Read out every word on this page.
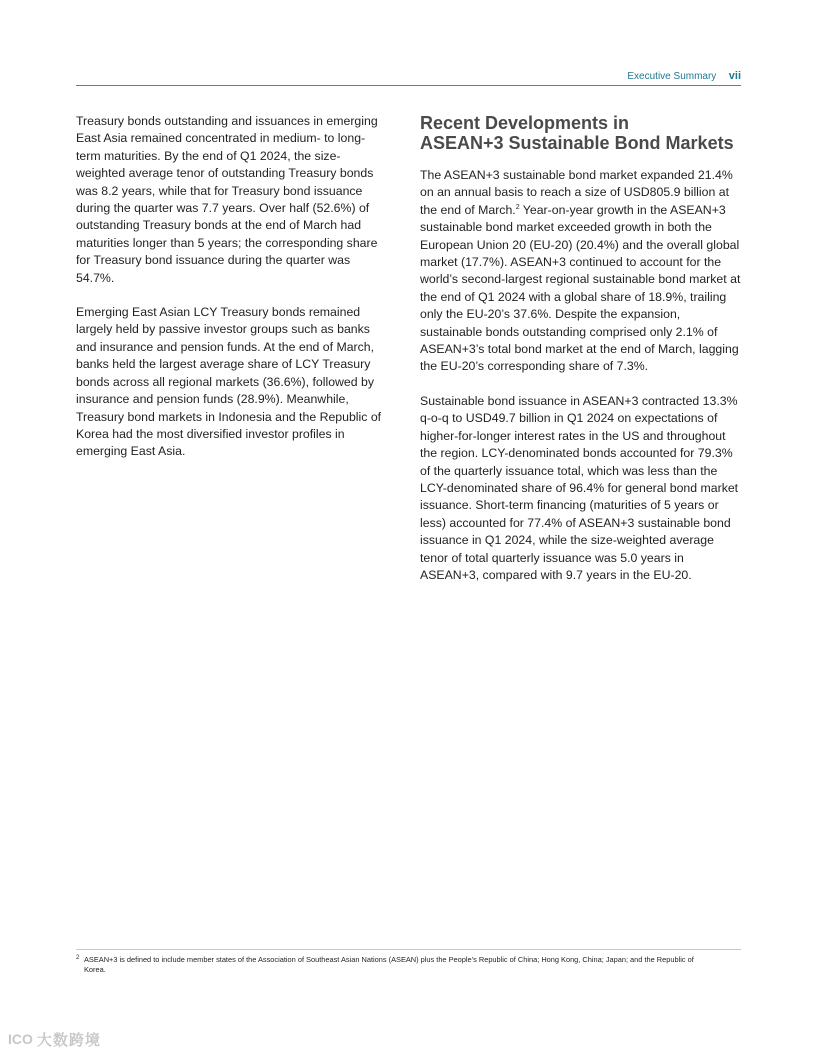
Executive Summary vii

Treasury bonds outstanding and issuances in emerging East Asia remained concentrated in medium- to long-term maturities. By the end of Q1 2024, the size-weighted average tenor of outstanding Treasury bonds was 8.2 years, while that for Treasury bond issuance during the quarter was 7.7 years. Over half (52.6%) of outstanding Treasury bonds at the end of March had maturities longer than 5 years; the corresponding share for Treasury bond issuance during the quarter was 54.7%.

Emerging East Asian LCY Treasury bonds remained largely held by passive investor groups such as banks and insurance and pension funds. At the end of March, banks held the largest average share of LCY Treasury bonds across all regional markets (36.6%), followed by insurance and pension funds (28.9%). Meanwhile, Treasury bond markets in Indonesia and the Republic of Korea had the most diversified investor profiles in emerging East Asia.

Recent Developments in
ASEAN+3 Sustainable Bond Markets

The ASEAN+3 sustainable bond market expanded 21.4% on an annual basis to reach a size of USD805.9 billion at the end of March.$^2$ Year-on-year growth in the ASEAN+3 sustainable bond market exceeded growth in both the European Union 20 (EU-20) (20.4%) and the overall global market (17.7%). ASEAN+3 continued to account for the world’s second-largest regional sustainable bond market at the end of Q1 2024 with a global share of 18.9%, trailing only the EU-20’s 37.6%. Despite the expansion, sustainable bonds outstanding comprised only 2.1% of ASEAN+3’s total bond market at the end of March, lagging the EU-20’s corresponding share of 7.3%.

Sustainable bond issuance in ASEAN+3 contracted 13.3% q-o-q to USD49.7 billion in Q1 2024 on expectations of higher-for-longer interest rates in the US and throughout the region. LCY-denominated bonds accounted for 79.3% of the quarterly issuance total, which was less than the LCY-denominated share of 96.4% for general bond market issuance. Short-term financing (maturities of 5 years or less) accounted for 77.4% of ASEAN+3 sustainable bond issuance in Q1 2024, while the size-weighted average tenor of total quarterly issuance was 5.0 years in ASEAN+3, compared with 9.7 years in the EU-20.

2 ASEAN+3 is defined to include member states of the Association of Southeast Asian Nations (ASEAN) plus the People’s Republic of China; Hong Kong, China; Japan; and the Republic of Korea.
ICO 大数跨境
